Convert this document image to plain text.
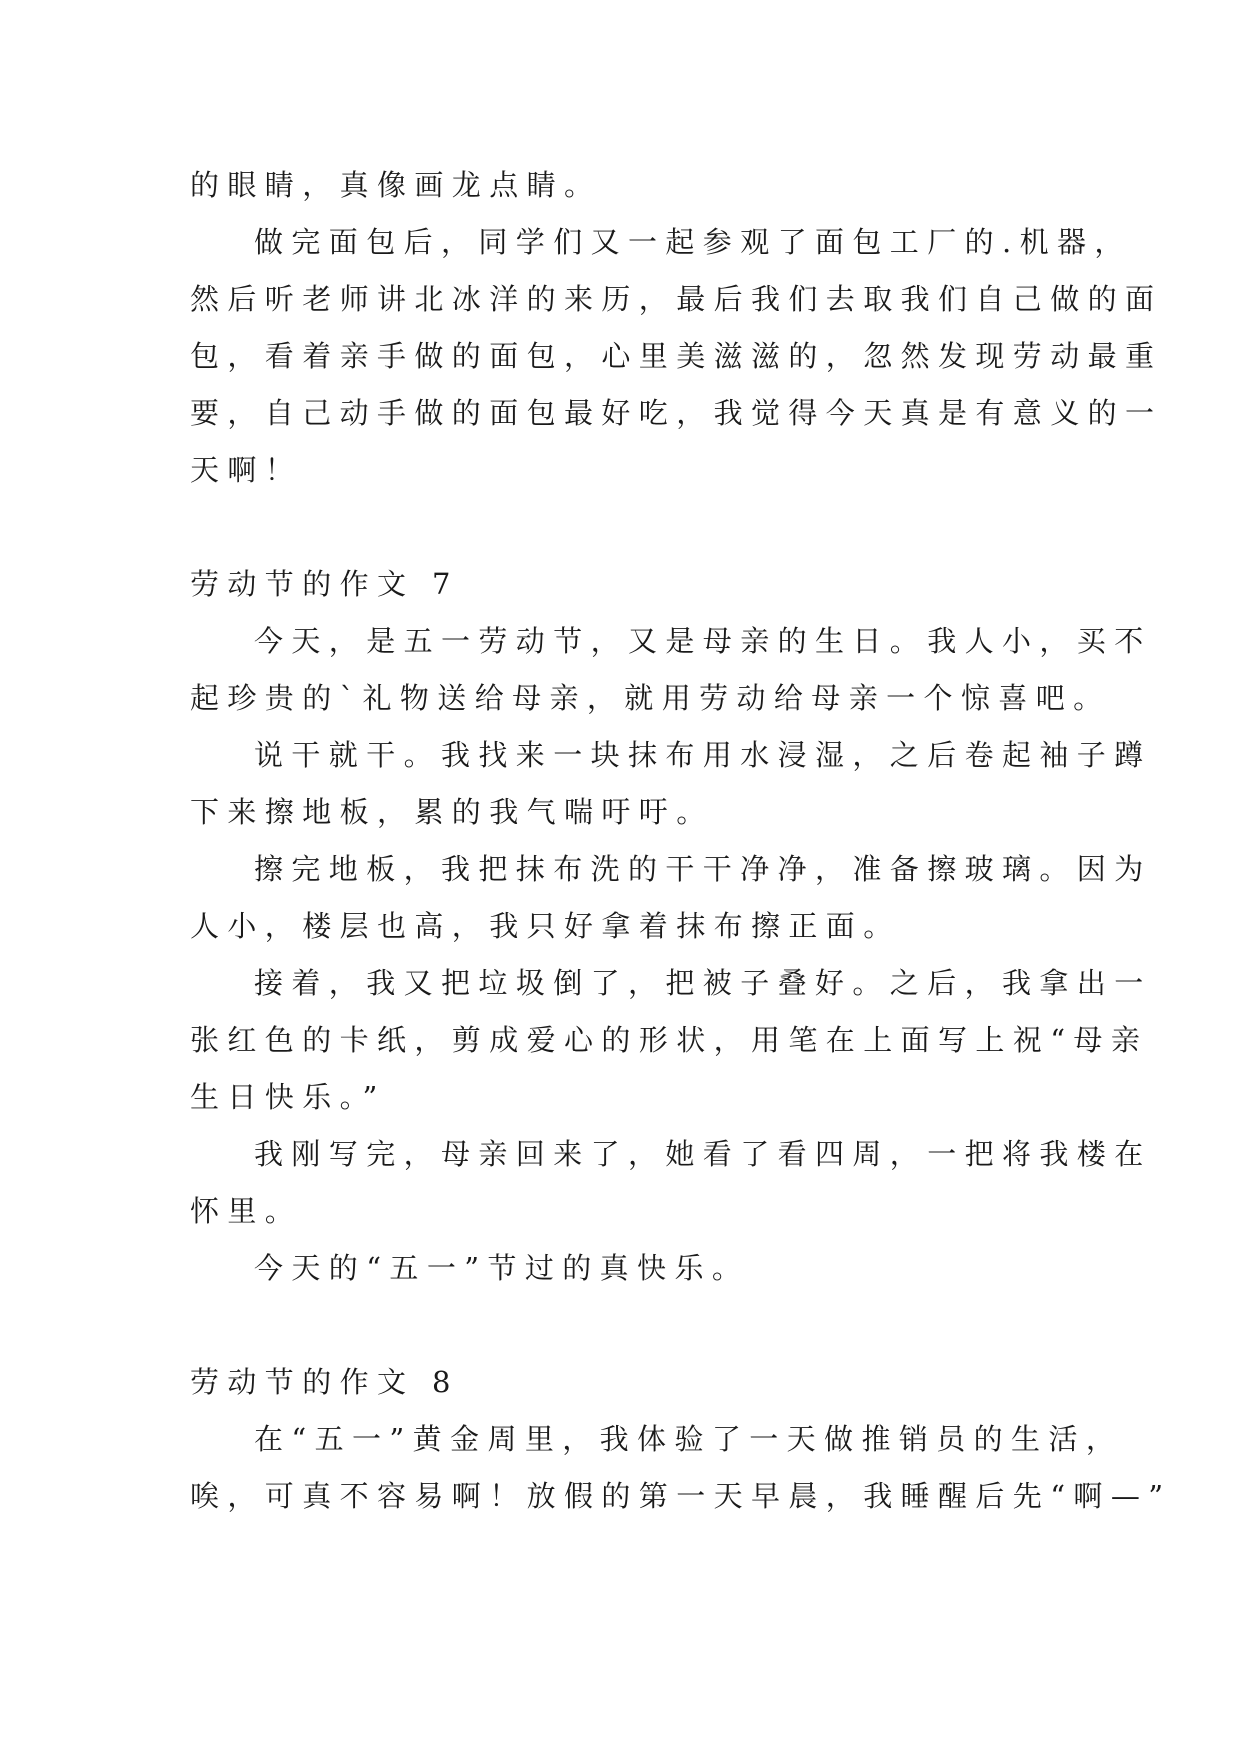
的眼睛，真像画龙点睛。

做完面包后，同学们又一起参观了面包工厂的.机器，

然后听老师讲北冰洋的来历，最后我们去取我们自己做的面

包，看着亲手做的面包，心里美滋滋的，忽然发现劳动最重

要，自己动手做的面包最好吃，我觉得今天真是有意义的一

天啊！

劳动节的作文 7

今天，是五一劳动节，又是母亲的生日。我人小，买不

起珍贵的`礼物送给母亲，就用劳动给母亲一个惊喜吧。

说干就干。我找来一块抹布用水浸湿，之后卷起袖子蹲

下来擦地板，累的我气喘吁吁。

擦完地板，我把抹布洗的干干净净，准备擦玻璃。因为

人小，楼层也高，我只好拿着抹布擦正面。

接着，我又把垃圾倒了，把被子叠好。之后，我拿出一

张红色的卡纸，剪成爱心的形状，用笔在上面写上祝“母亲

生日快乐。”

我刚写完，母亲回来了，她看了看四周，一把将我楼在

怀里。

今天的“五一”节过的真快乐。

劳动节的作文 8

在“五一”黄金周里，我体验了一天做推销员的生活，

唉，可真不容易啊！放假的第一天早晨，我睡醒后先“啊—”
